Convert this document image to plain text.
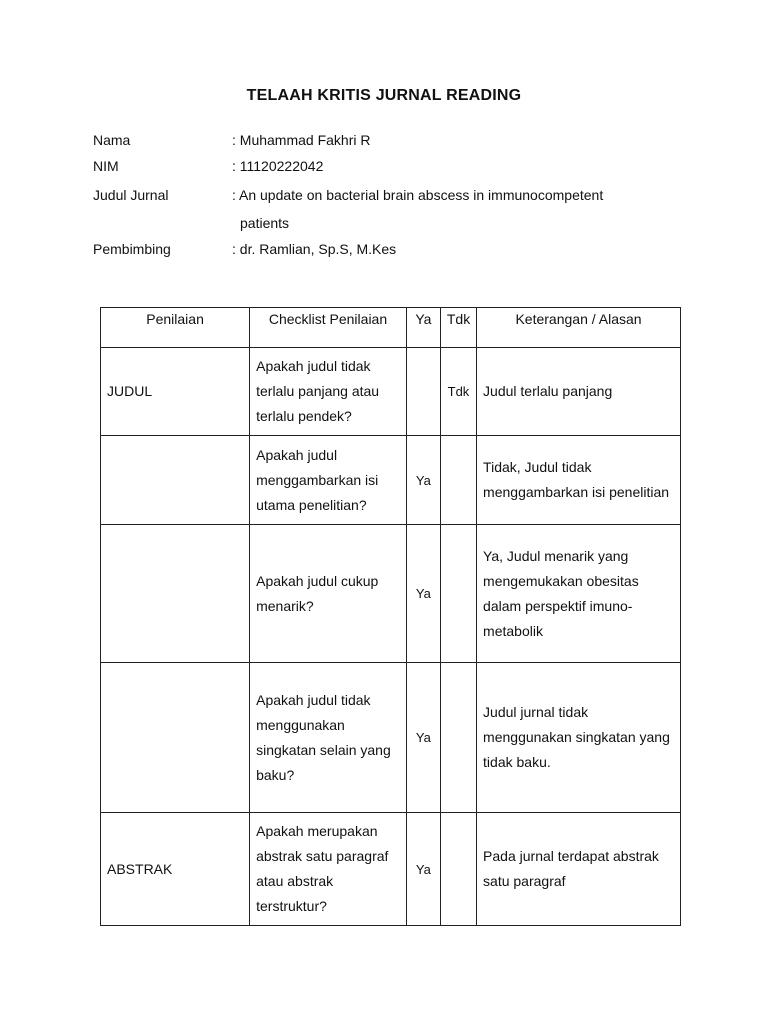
TELAAH KRITIS JURNAL READING
Nama	: Muhammad Fakhri R
NIM	: 11120222042
Judul Jurnal	: An update on bacterial brain abscess in immunocompetent
patients
Pembimbing	: dr. Ramlian, Sp.S, M.Kes
Penilaian	Checklist Penilaian	Ya	Tdk	Keterangan / Alasan
JUDUL	Apakah judul tidak terlalu panjang atau terlalu pendek?		Tdk	Judul terlalu panjang
	Apakah judul menggambarkan isi utama penelitian?	Ya		Tidak, Judul tidak menggambarkan isi penelitian
	Apakah judul cukup menarik?	Ya		Ya, Judul menarik yang mengemukakan obesitas dalam perspektif imuno-metabolik
	Apakah judul tidak menggunakan singkatan selain yang baku?	Ya		Judul jurnal tidak menggunakan singkatan yang tidak baku.
ABSTRAK	Apakah merupakan abstrak satu paragraf atau abstrak terstruktur?	Ya		Pada jurnal terdapat abstrak satu paragraf
